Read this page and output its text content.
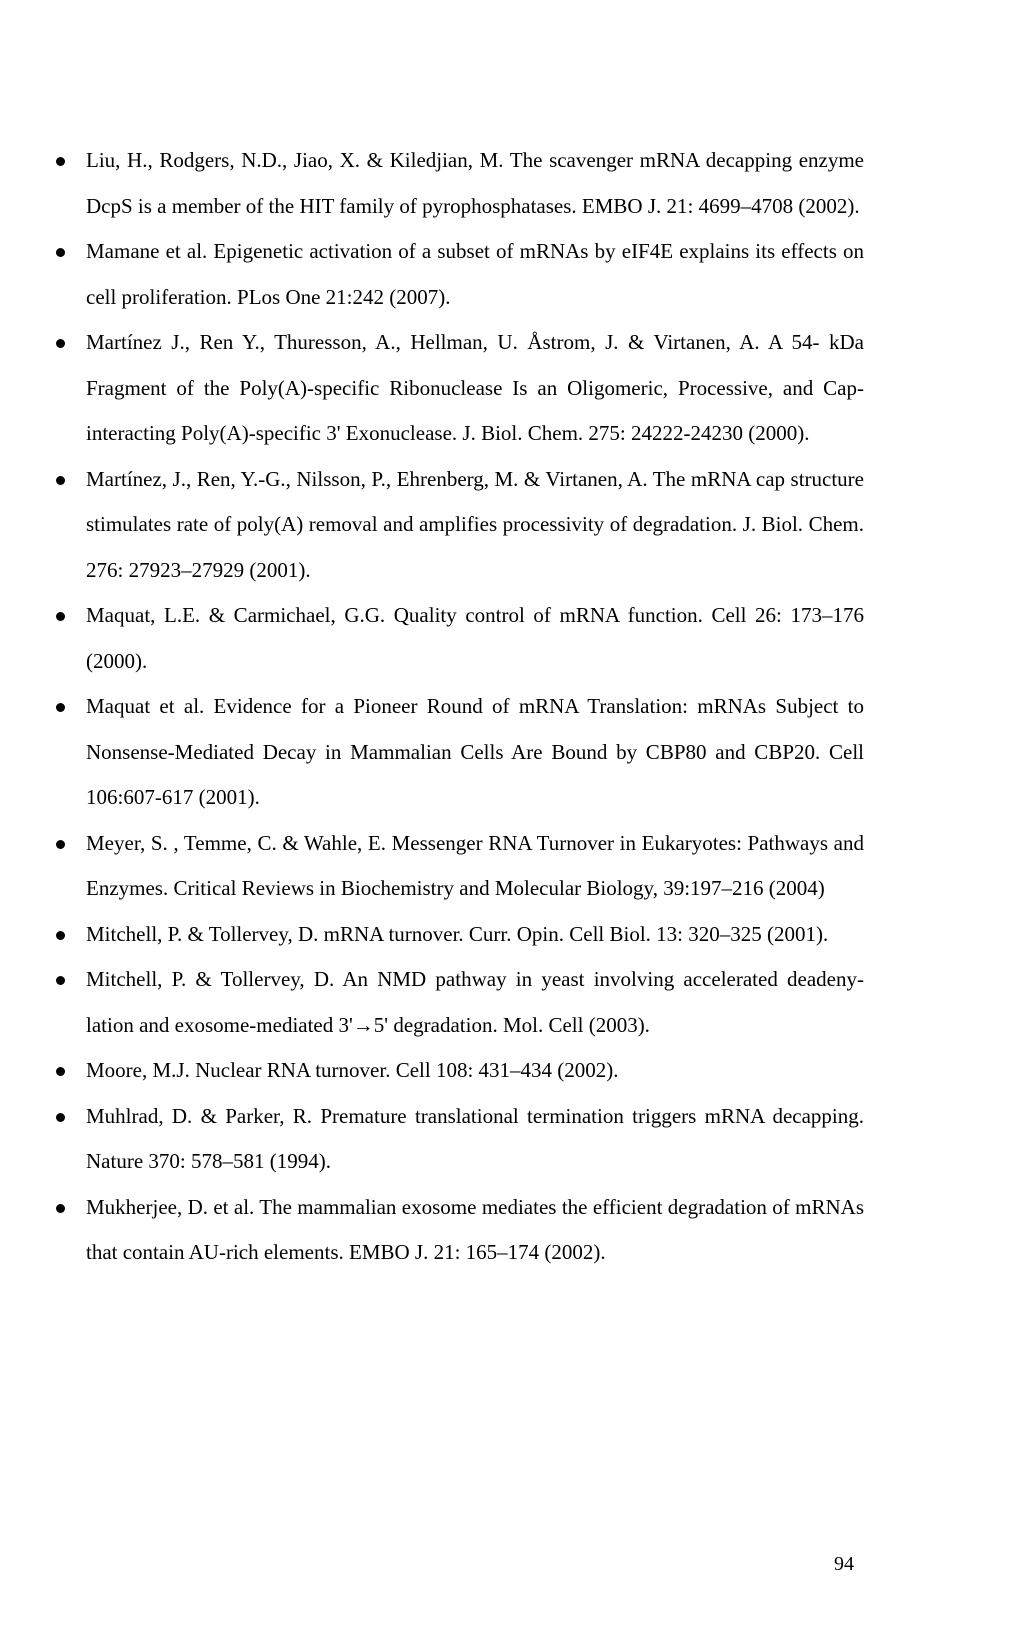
Liu, H., Rodgers, N.D., Jiao, X. & Kiledjian, M. The scavenger mRNA decapping enzyme DcpS is a member of the HIT family of pyrophosphatases. EMBO J. 21: 4699–4708 (2002).
Mamane et al. Epigenetic activation of a subset of mRNAs by eIF4E explains its effects on cell proliferation. PLos One 21:242 (2007).
Martínez J., Ren Y., Thuresson, A., Hellman, U. Åstrom, J. & Virtanen, A. A 54- kDa Fragment of the Poly(A)-specific Ribonuclease Is an Oligomeric, Processive, and Cap-interacting Poly(A)-specific 3' Exonuclease. J. Biol. Chem. 275: 24222-24230 (2000).
Martínez, J., Ren, Y.-G., Nilsson, P., Ehrenberg, M. & Virtanen, A. The mRNA cap structure stimulates rate of poly(A) removal and amplifies processivity of degradation. J. Biol. Chem. 276: 27923–27929 (2001).
Maquat, L.E. & Carmichael, G.G. Quality control of mRNA function. Cell 26: 173–176 (2000).
Maquat et al. Evidence for a Pioneer Round of mRNA Translation: mRNAs Subject to Nonsense-Mediated Decay in Mammalian Cells Are Bound by CBP80 and CBP20. Cell 106:607-617 (2001).
Meyer, S. , Temme, C. & Wahle, E. Messenger RNA Turnover in Eukaryotes: Pathways and Enzymes. Critical Reviews in Biochemistry and Molecular Biology, 39:197–216 (2004)
Mitchell, P. & Tollervey, D. mRNA turnover. Curr. Opin. Cell Biol. 13: 320–325 (2001).
Mitchell, P. & Tollervey, D. An NMD pathway in yeast involving accelerated deadeny-lation and exosome-mediated 3'→5' degradation. Mol. Cell (2003).
Moore, M.J. Nuclear RNA turnover. Cell 108: 431–434 (2002).
Muhlrad, D. & Parker, R. Premature translational termination triggers mRNA decapping. Nature 370: 578–581 (1994).
Mukherjee, D. et al. The mammalian exosome mediates the efficient degradation of mRNAs that contain AU-rich elements. EMBO J. 21: 165–174 (2002).
94
